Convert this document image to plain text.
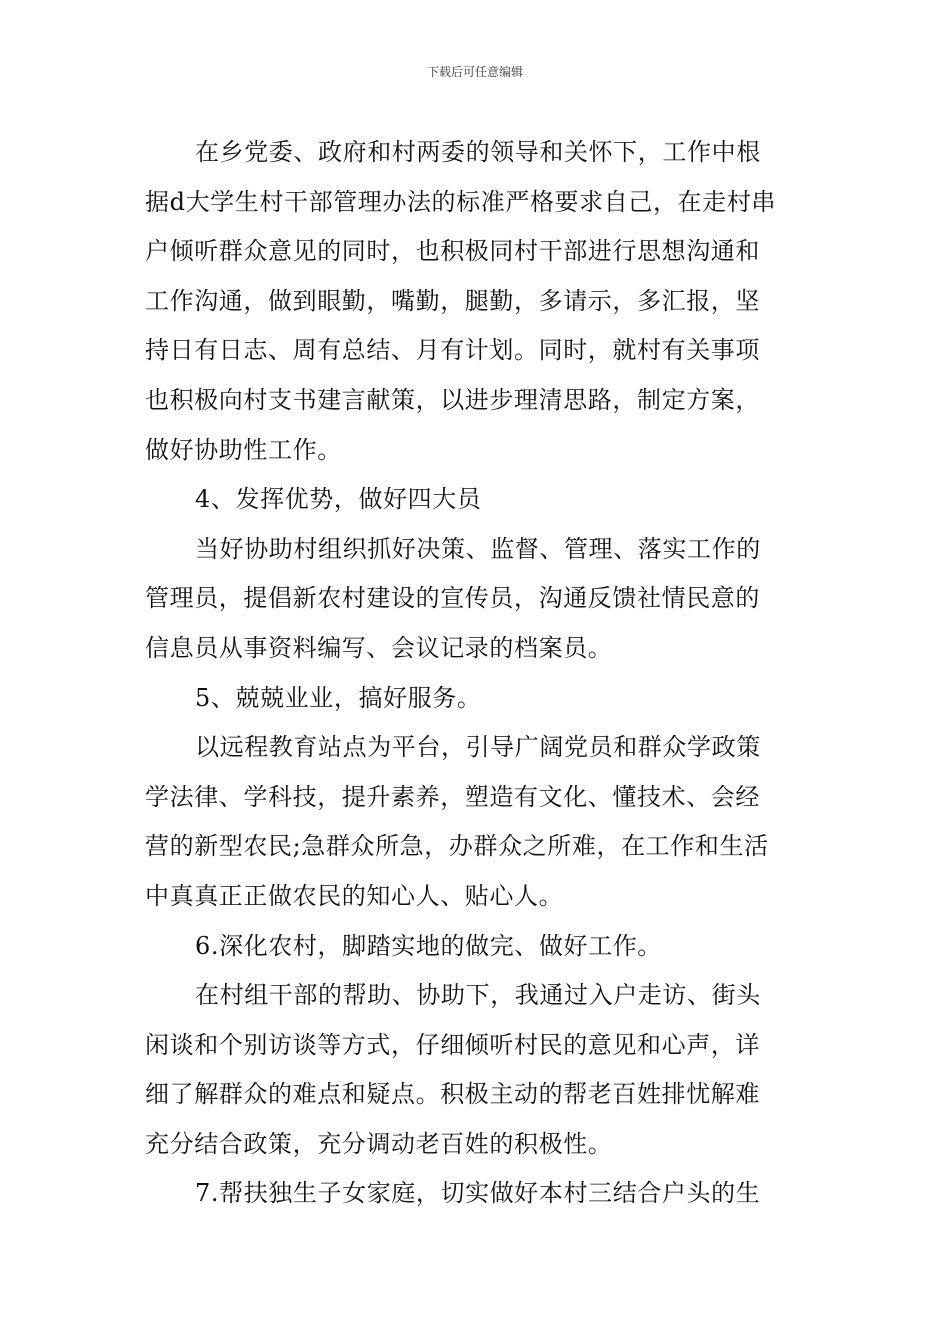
下载后可任意编辑
在乡党委、政府和村两委的领导和关怀下，工作中根
据d大学生村干部管理办法的标准严格要求自己，在走村串
户倾听群众意见的同时，也积极同村干部进行思想沟通和
工作沟通，做到眼勤，嘴勤，腿勤，多请示，多汇报，坚
持日有日志、周有总结、月有计划。同时，就村有关事项
也积极向村支书建言献策，以进步理清思路，制定方案，
做好协助性工作。
4、发挥优势，做好四大员
当好协助村组织抓好决策、监督、管理、落实工作的
管理员，提倡新农村建设的宣传员，沟通反馈社情民意的
信息员从事资料编写、会议记录的档案员。
5、兢兢业业，搞好服务。
以远程教育站点为平台，引导广阔党员和群众学政策
学法律、学科技，提升素养，塑造有文化、懂技术、会经
营的新型农民;急群众所急，办群众之所难，在工作和生活
中真真正正做农民的知心人、贴心人。
6.深化农村，脚踏实地的做完、做好工作。
在村组干部的帮助、协助下，我通过入户走访、街头
闲谈和个别访谈等方式，仔细倾听村民的意见和心声，详
细了解群众的难点和疑点。积极主动的帮老百姓排忧解难
充分结合政策，充分调动老百姓的积极性。
7.帮扶独生子女家庭，切实做好本村三结合户头的生
